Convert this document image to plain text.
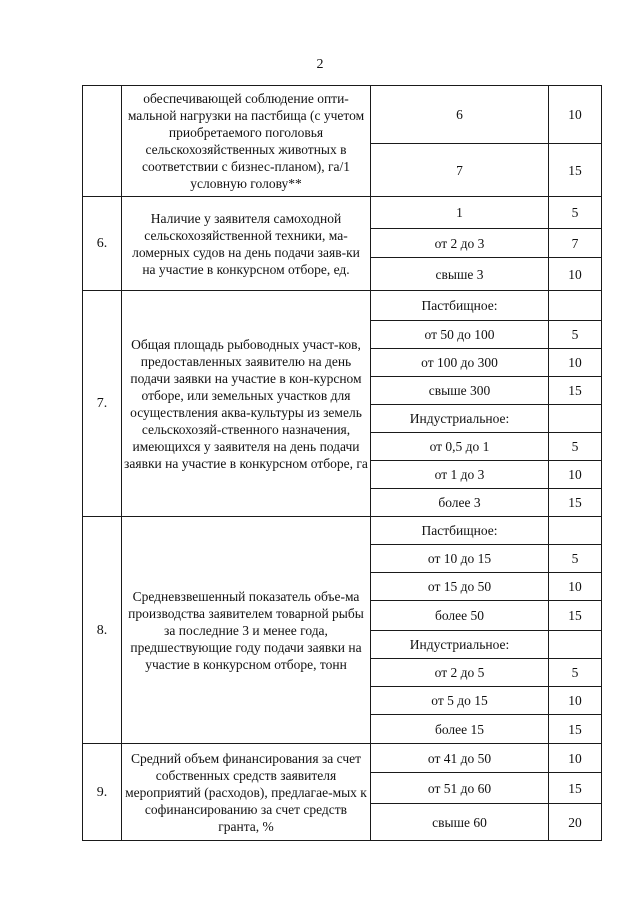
2
обеспечивающей соблюдение опти-мальной нагрузки на пастбища (с учетом приобретаемого поголовья сельскохозяйственных животных в соответствии с бизнес-планом), га/1 условную голову**
6	10
7	15
6.
Наличие у заявителя самоходной сельскохозяйственной техники, ма-ломерных судов на день подачи заяв-ки на участие в конкурсном отборе, ед.
1	5
от 2 до 3	7
свыше 3	10
7.
Общая площадь рыбоводных участ-ков, предоставленных заявителю на день подачи заявки на участие в кон-курсном отборе, или земельных участков для осуществления аква-культуры из земель сельскохозяй-ственного назначения, имеющихся у заявителя на день подачи заявки на участие в конкурсном отборе, га
Пастбищное:
от 50 до 100	5
от 100 до 300	10
свыше 300	15
Индустриальное:
от 0,5 до 1	5
от 1 до 3	10
более 3	15
8.
Средневзвешенный показатель объе-ма производства заявителем товарной рыбы за последние 3 и менее года, предшествующие году подачи заявки на участие в конкурсном отборе, тонн
Пастбищное:
от 10 до 15	5
от 15 до 50	10
более 50	15
Индустриальное:
от 2 до 5	5
от 5 до 15	10
более 15	15
9.
Средний объем финансирования за счет собственных средств заявителя мероприятий (расходов), предлагае-мых к софинансированию за счет средств гранта, %
от 41 до 50	10
от 51 до 60	15
свыше 60	20
